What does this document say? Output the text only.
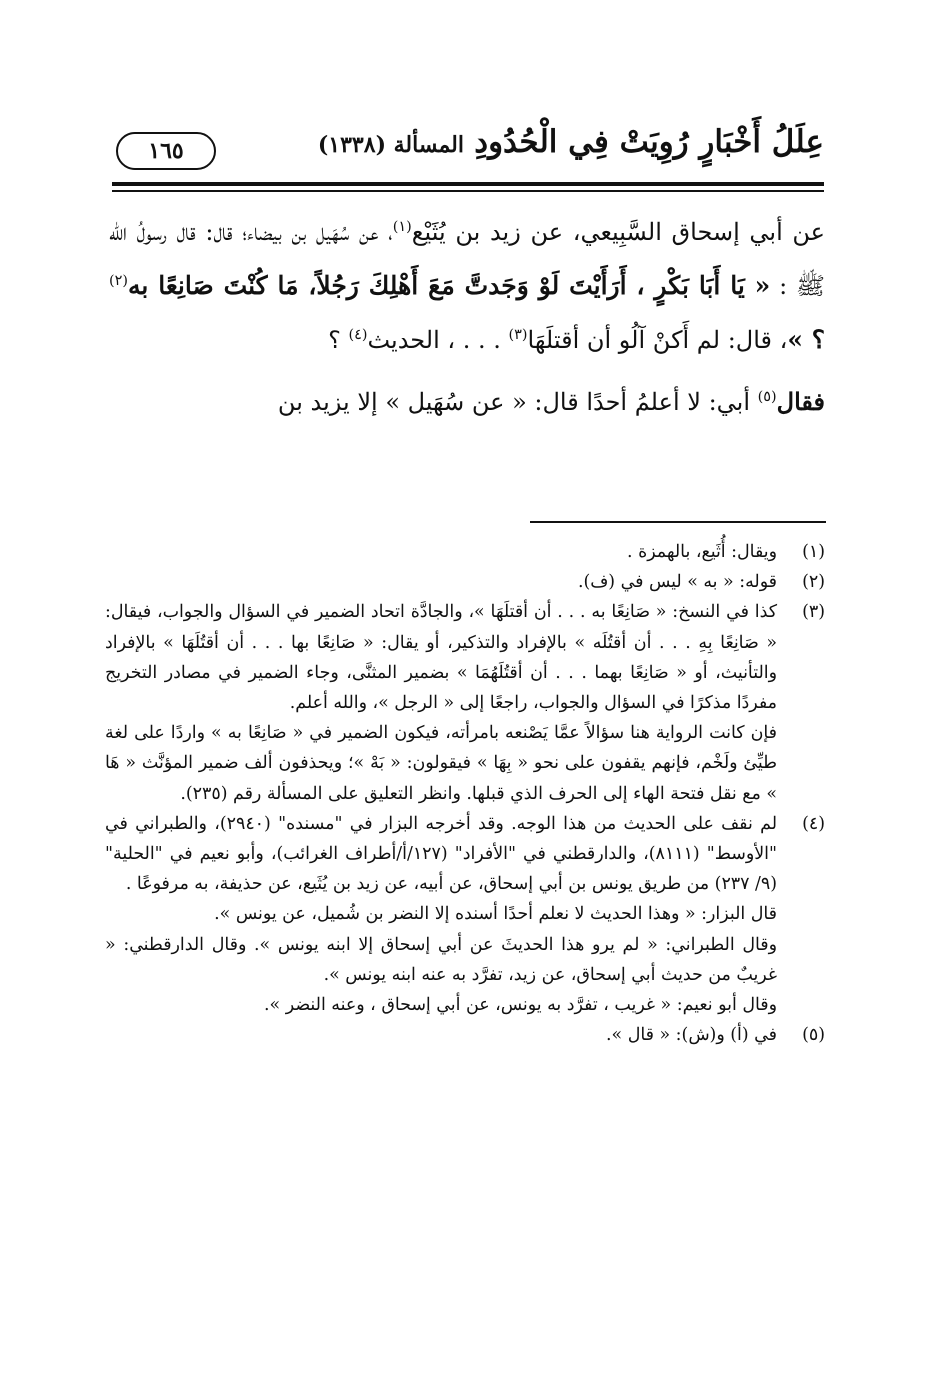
عِلَلُ أَخْبَارٍ رُوِيَتْ فِي الْحُدُودِ
المسألة (١٣٣٨)
١٦٥

عن أبي إسحاق السَّبِيعي، عن زيد بن يُثَيْع$^{(١)}$، عن سُهَيل بن بيضاء؛ قال: قال رسولُ الله ﷺ : « يَا أَبَا بَكْرٍ ، أَرَأَيْتَ لَوْ وَجَدتَّ مَعَ أَهْلِكَ رَجُلاً، مَا كُنْتَ صَانِعًا به$^{(٢)}$ ؟ »، قال: لم أَكنْ آلُو أن أقتلَهَا$^{(٣)}$ . . . ، الحديث$^{(٤)}$ ؟

فقال$^{(٥)}$ أبي: لا أعلمُ أحدًا قال: « عن سُهَيل » إلا يزيد بن

(١)

ويقال: أُثَيع، بالهمزة .

(٢)

قوله: « به » ليس في (ف).

(٣)

كذا في النسخ: « صَانِعًا به . . . أن أقتلَهَا »، والجادَّة اتحاد الضمير في السؤال والجواب، فيقال: « صَانِعًا بِهِ . . . أن أقتُلَه » بالإفراد والتذكير، أو يقال: « صَانِعًا بها . . . أن أقتُلَهَا » بالإفراد والتأنيث، أو « صَانِعًا بهما . . . أن أقتُلَهُمَا » بضمير المثنَّى، وجاء الضمير في مصادر التخريج مفردًا مذكرًا في السؤال والجواب، راجعًا إلى « الرجل »، والله أعلم.

فإن كانت الرواية هنا سؤالاً عمَّا يَصْنعه بامرأته، فيكون الضمير في « صَانِعًا به » واردًا على لغة طيِّئ ولَخْم، فإنهم يقفون على نحو « بِهَا » فيقولون: « بَهْ »؛ ويحذفون ألف ضمير المؤنَّث « هَا » مع نقل فتحة الهاء إلى الحرف الذي قبلها. وانظر التعليق على المسألة رقم (٢٣٥).

(٤)

لم نقف على الحديث من هذا الوجه. وقد أخرجه البزار في "مسنده" (٢٩٤٠)، والطبراني في "الأوسط" (٨١١١)، والدارقطني في "الأفراد" (١٢٧/أ/أطراف الغرائب)، وأبو نعيم في "الحلية" (٩/ ٢٣٧) من طريق يونس بن أبي إسحاق، عن أبيه، عن زيد بن يُثَيع، عن حذيفة، به مرفوعًا .

قال البزار: « وهذا الحديث لا نعلم أحدًا أسنده إلا النضر بن شُميل، عن يونس ».

وقال الطبراني: « لم يرو هذا الحديثَ عن أبي إسحاق إلا ابنه يونس ». وقال الدارقطني: « غريبٌ من حديث أبي إسحاق، عن زيد، تفرَّد به عنه ابنه يونس ».

وقال أبو نعيم: « غريب ، تفرَّد به يونس، عن أبي إسحاق ، وعنه النضر ».

(٥)

في (أ) و(ش): « قال ».
